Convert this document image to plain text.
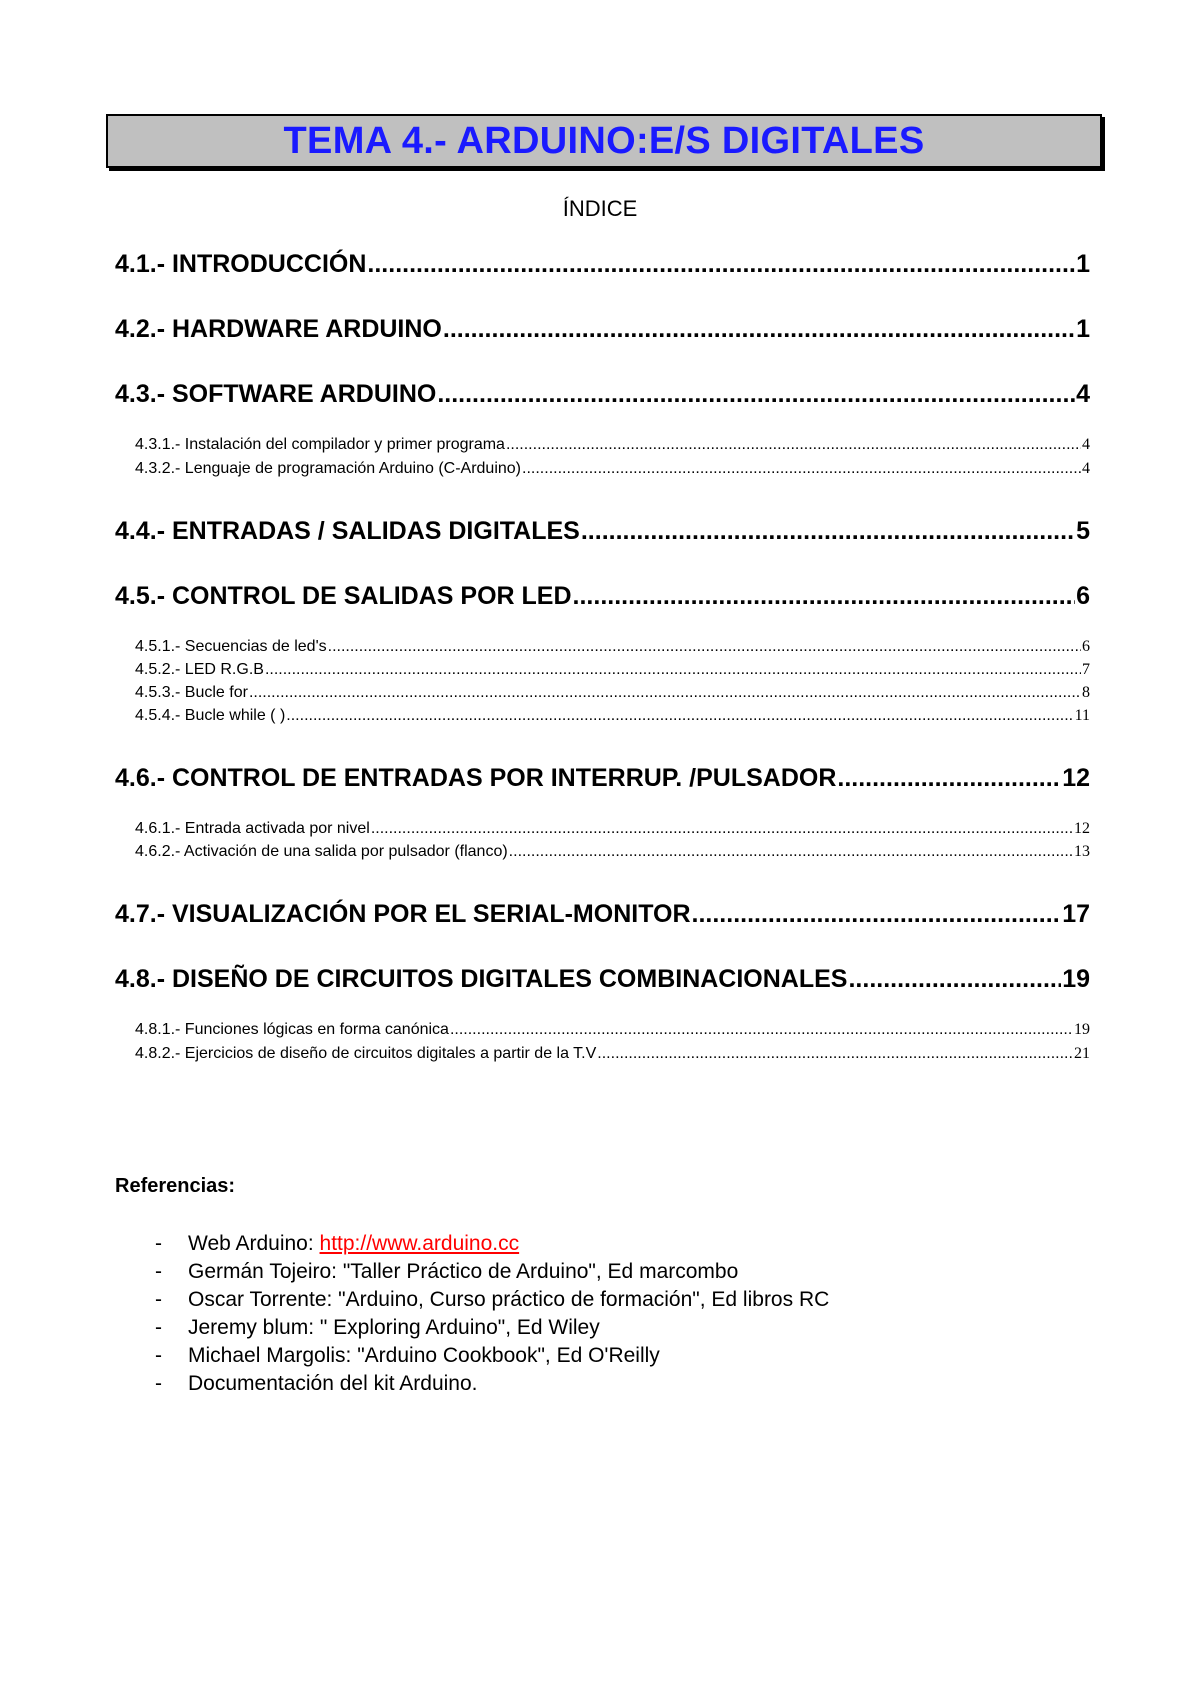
TEMA 4.- ARDUINO:E/S DIGITALES
ÍNDICE
4.1.- INTRODUCCIÓN .....	1
4.2.- HARDWARE ARDUINO .....	1
4.3.- SOFTWARE ARDUINO .....	4
4.3.1.- Instalación del compilador y primer programa .....	4
4.3.2.- Lenguaje de programación Arduino (C-Arduino) .....	4
4.4.- ENTRADAS / SALIDAS DIGITALES .....	5
4.5.- CONTROL DE SALIDAS POR LED .....	6
4.5.1.- Secuencias de led's .....	6
4.5.2.- LED R.G.B .....	7
4.5.3.- Bucle for .....	8
4.5.4.- Bucle while ( ) .....	11
4.6.- CONTROL DE ENTRADAS POR INTERRUP. /PULSADOR .....	12
4.6.1.- Entrada activada por nivel .....	12
4.6.2.- Activación de una salida por pulsador (flanco) .....	13
4.7.- VISUALIZACIÓN POR EL SERIAL-MONITOR .....	17
4.8.- DISEÑO DE CIRCUITOS DIGITALES COMBINACIONALES .....	19
4.8.1.- Funciones lógicas en forma canónica .....	19
4.8.2.- Ejercicios de diseño de circuitos digitales a partir de la T.V .....	21
Referencias:
-	Web Arduino: http://www.arduino.cc
-	Germán Tojeiro: "Taller Práctico de Arduino", Ed marcombo
-	Oscar Torrente: "Arduino, Curso práctico de formación", Ed libros RC
-	Jeremy blum: " Exploring Arduino", Ed Wiley
-	Michael Margolis: "Arduino Cookbook", Ed O'Reilly
-	Documentación del kit Arduino.
